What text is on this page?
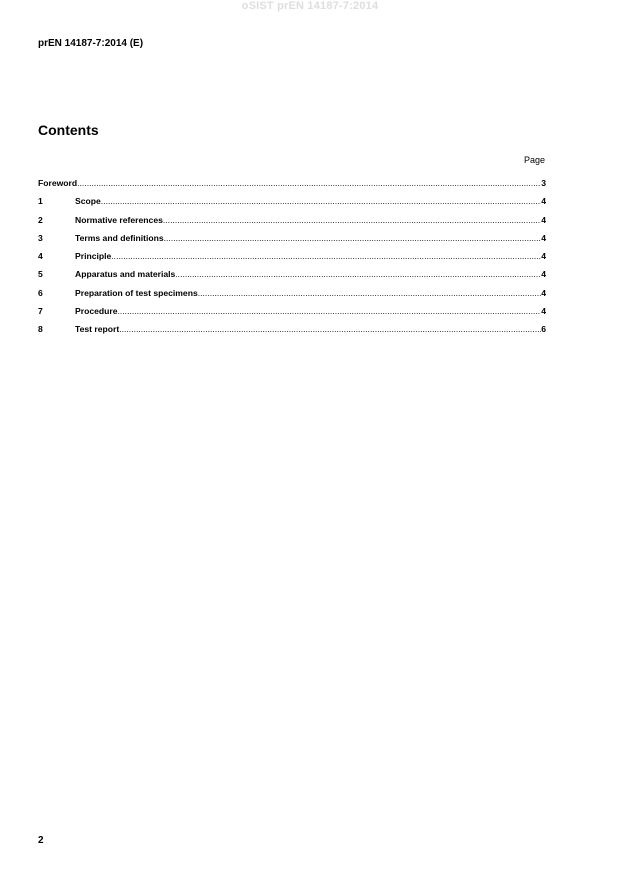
oSIST prEN 14187-7:2014
prEN 14187-7:2014 (E)
Contents
Page
Foreword .....	3
1	Scope .....	4
2	Normative references .....	4
3	Terms and definitions .....	4
4	Principle .....	4
5	Apparatus and materials .....	4
6	Preparation of test specimens .....	4
7	Procedure .....	4
8	Test report .....	6
2
